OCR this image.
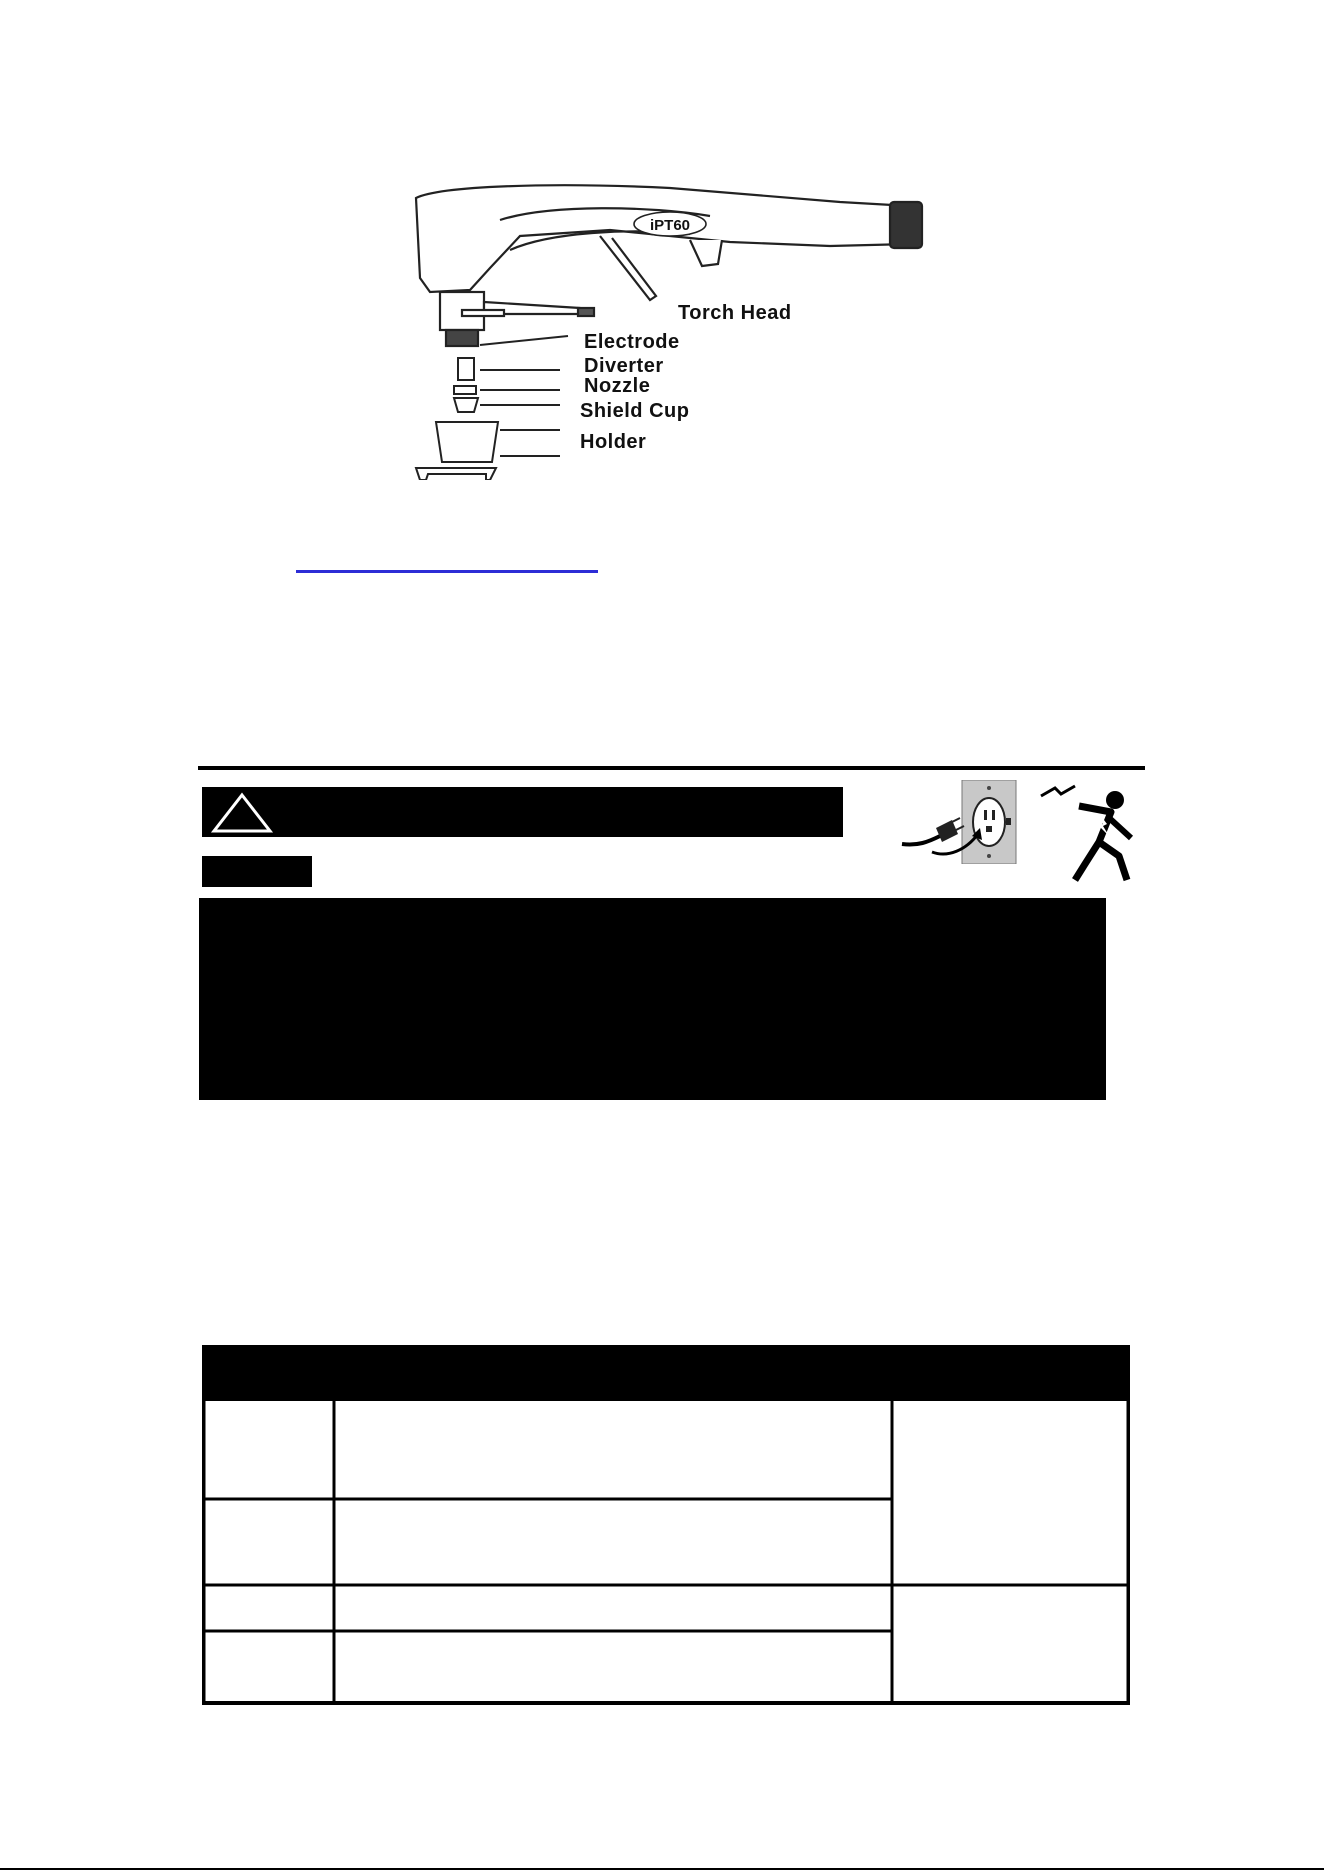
iPT60
Torch Head
Electrode
Diverter
Nozzle
Shield Cup
Holder
